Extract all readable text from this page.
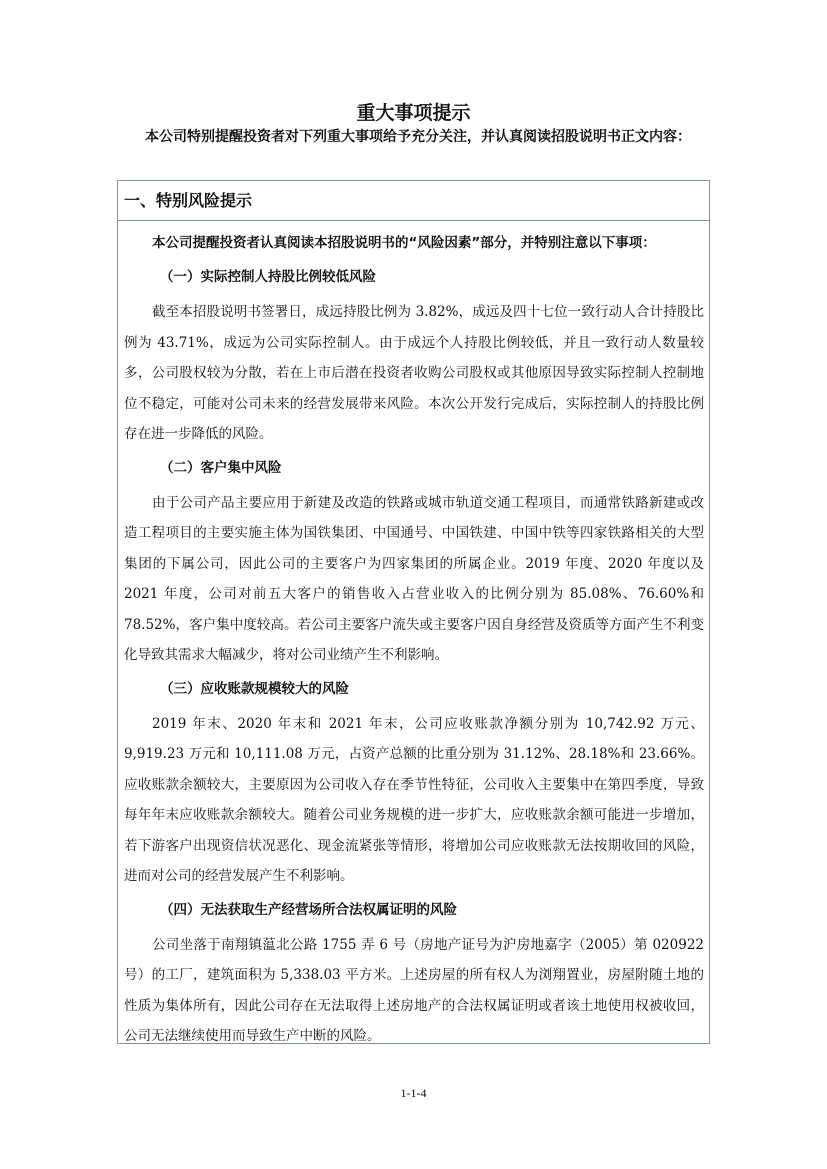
重大事项提示

本公司特别提醒投资者对下列重大事项给予充分关注，并认真阅读招股说明书正文内容：

一、特别风险提示

本公司提醒投资者认真阅读本招股说明书的“风险因素”部分，并特别注意以下事项：

（一）实际控制人持股比例较低风险

截至本招股说明书签署日，成远持股比例为 3.82%，成远及四十七位一致行动人合计持股比例为 43.71%，成远为公司实际控制人。由于成远个人持股比例较低，并且一致行动人数量较多，公司股权较为分散，若在上市后潜在投资者收购公司股权或其他原因导致实际控制人控制地位不稳定，可能对公司未来的经营发展带来风险。本次公开发行完成后，实际控制人的持股比例存在进一步降低的风险。

（二）客户集中风险

由于公司产品主要应用于新建及改造的铁路或城市轨道交通工程项目，而通常铁路新建或改造工程项目的主要实施主体为国铁集团、中国通号、中国铁建、中国中铁等四家铁路相关的大型集团的下属公司，因此公司的主要客户为四家集团的所属企业。2019 年度、2020 年度以及 2021 年度，公司对前五大客户的销售收入占营业收入的比例分别为 85.08%、76.60%和 78.52%，客户集中度较高。若公司主要客户流失或主要客户因自身经营及资质等方面产生不利变化导致其需求大幅减少，将对公司业绩产生不利影响。

（三）应收账款规模较大的风险

2019 年末、2020 年末和 2021 年末，公司应收账款净额分别为 10,742.92 万元、9,919.23 万元和 10,111.08 万元，占资产总额的比重分别为 31.12%、28.18%和 23.66%。应收账款余额较大，主要原因为公司收入存在季节性特征，公司收入主要集中在第四季度，导致每年年末应收账款余额较大。随着公司业务规模的进一步扩大，应收账款余额可能进一步增加，若下游客户出现资信状况恶化、现金流紧张等情形，将增加公司应收账款无法按期收回的风险，进而对公司的经营发展产生不利影响。

（四）无法获取生产经营场所合法权属证明的风险

公司坐落于南翔镇蕰北公路 1755 弄 6 号（房地产证号为沪房地嘉字（2005）第 020922 号）的工厂，建筑面积为 5,338.03 平方米。上述房屋的所有权人为浏翔置业，房屋附随土地的性质为集体所有，因此公司存在无法取得上述房地产的合法权属证明或者该土地使用权被收回，公司无法继续使用而导致生产中断的风险。

1-1-4
